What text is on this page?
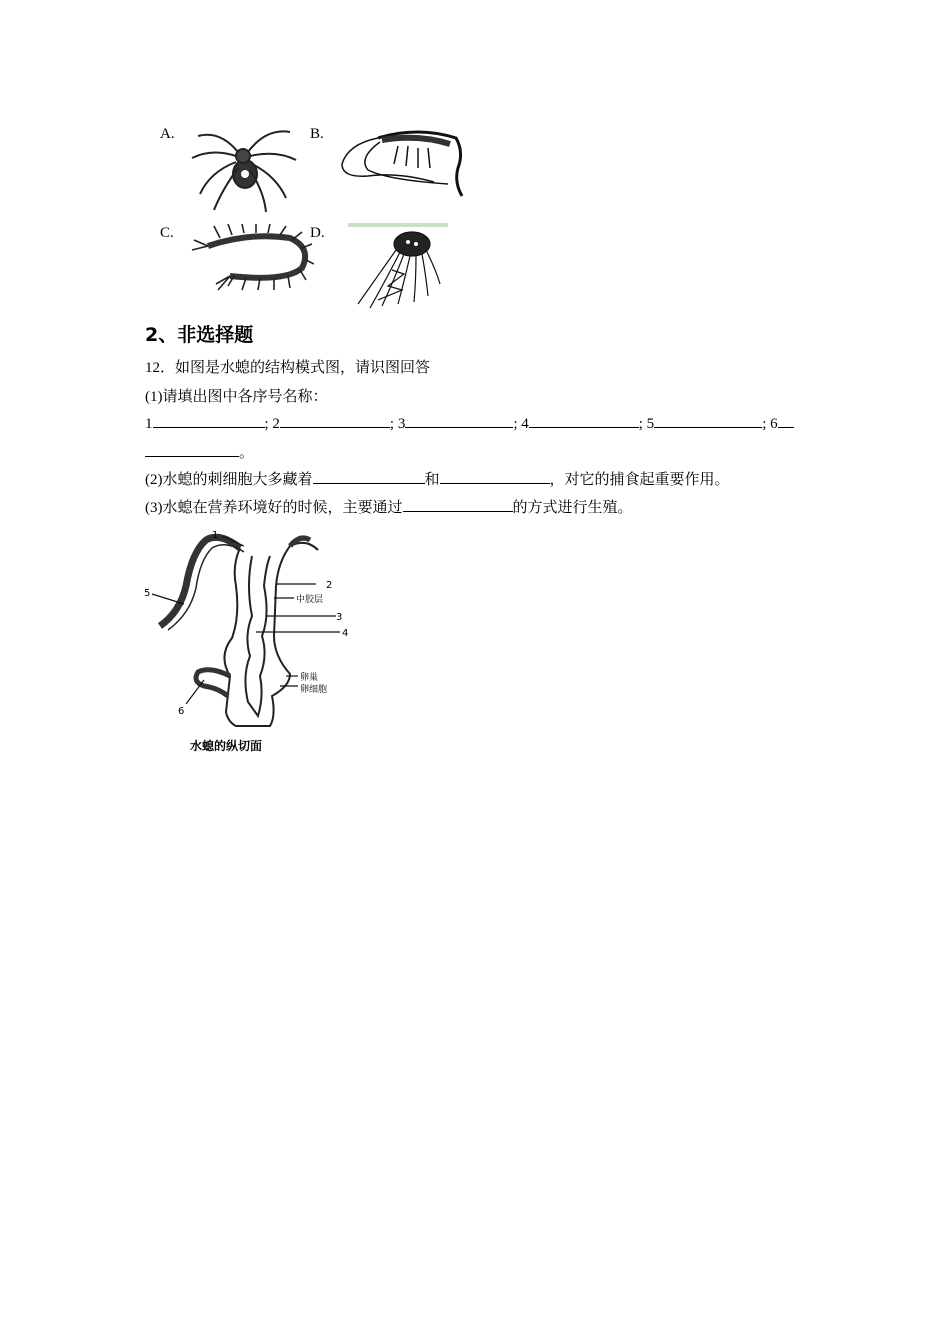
A.	B.
C.	D.
2、非选择题
12．如图是水螅的结构模式图，请识图回答
(1)请填出图中各序号名称：
1	; 2	; 3	; 4	; 5	; 6
。
(2)水螅的刺细胞大多藏着	和	，对它的捕食起重要作用。
(3)水螅在营养环境好的时候，主要通过	的方式进行生殖。
1
2
中胶层
3
4
5
6
卵巢
卵细胞
水螅的纵切面
